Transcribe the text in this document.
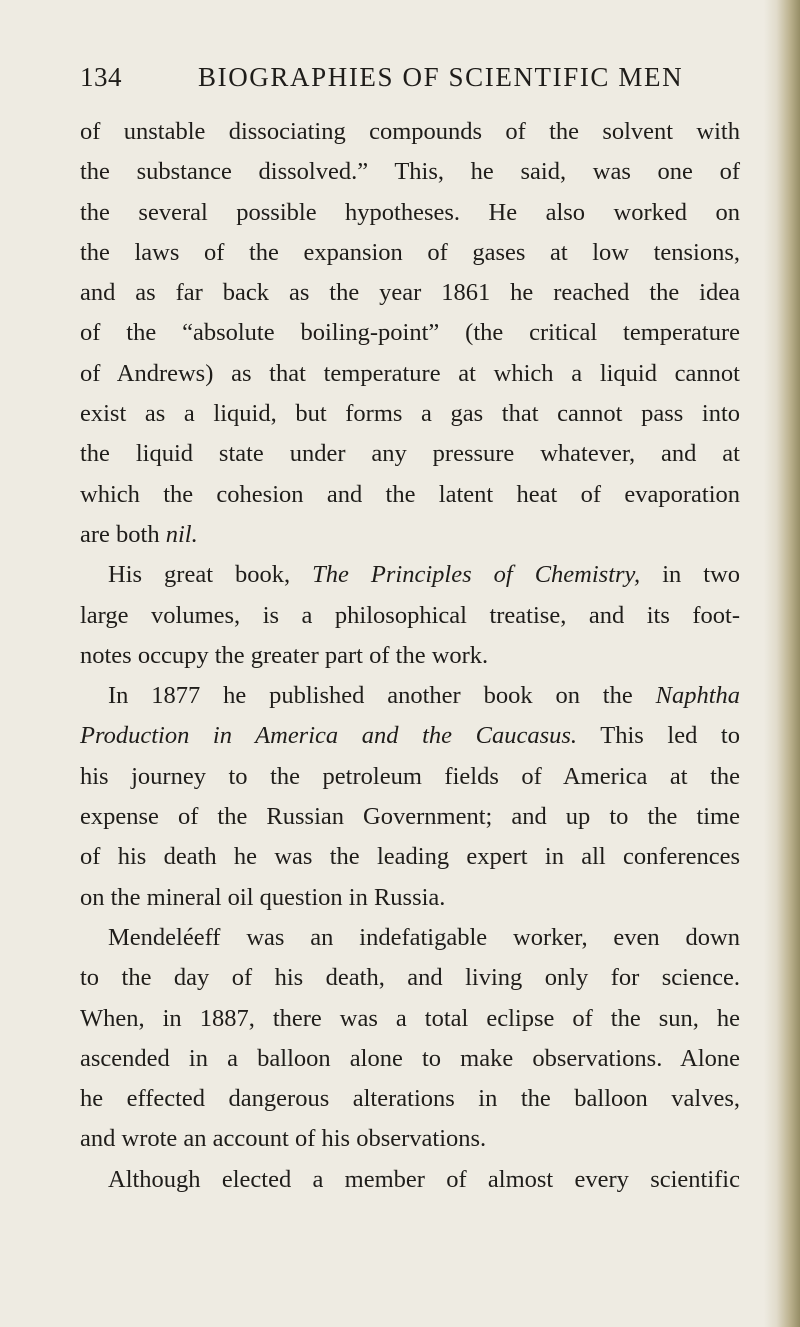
134	BIOGRAPHIES OF SCIENTIFIC MEN
of unstable dissociating compounds of the solvent with
the substance dissolved.” This, he said, was one of
the several possible hypotheses. He also worked on
the laws of the expansion of gases at low tensions,
and as far back as the year 1861 he reached the idea
of the “absolute boiling-point” (the critical temperature
of Andrews) as that temperature at which a liquid cannot
exist as a liquid, but forms a gas that cannot pass into
the liquid state under any pressure whatever, and at
which the cohesion and the latent heat of evaporation
are both nil.
His great book, The Principles of Chemistry, in two
large volumes, is a philosophical treatise, and its foot-
notes occupy the greater part of the work.
In 1877 he published another book on the Naphtha
Production in America and the Caucasus. This led to
his journey to the petroleum fields of America at the
expense of the Russian Government; and up to the time
of his death he was the leading expert in all conferences
on the mineral oil question in Russia.
Mendeléeff was an indefatigable worker, even down
to the day of his death, and living only for science.
When, in 1887, there was a total eclipse of the sun, he
ascended in a balloon alone to make observations. Alone
he effected dangerous alterations in the balloon valves,
and wrote an account of his observations.
Although elected a member of almost every scientific
